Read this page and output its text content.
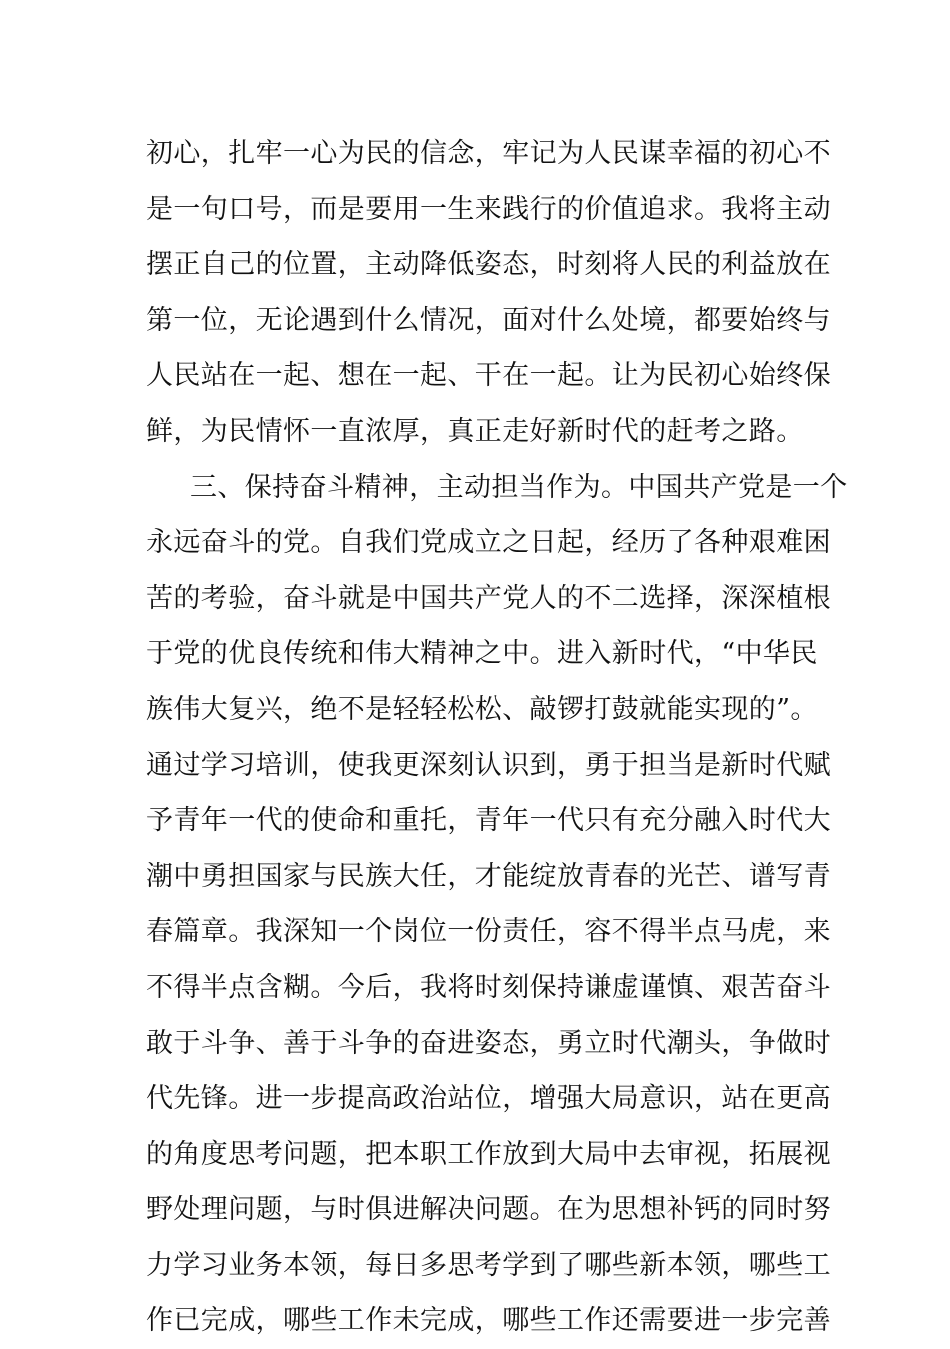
初心，扎牢一心为民的信念，牢记为人民谋幸福的初心不
是一句口号，而是要用一生来践行的价值追求。我将主动
摆正自己的位置，主动降低姿态，时刻将人民的利益放在
第一位，无论遇到什么情况，面对什么处境，都要始终与
人民站在一起、想在一起、干在一起。让为民初心始终保
鲜，为民情怀一直浓厚，真正走好新时代的赶考之路。
三、保持奋斗精神，主动担当作为。中国共产党是一个
永远奋斗的党。自我们党成立之日起，经历了各种艰难困
苦的考验，奋斗就是中国共产党人的不二选择，深深植根
于党的优良传统和伟大精神之中。进入新时代，“中华民
族伟大复兴，绝不是轻轻松松、敲锣打鼓就能实现的”。
通过学习培训，使我更深刻认识到，勇于担当是新时代赋
予青年一代的使命和重托，青年一代只有充分融入时代大
潮中勇担国家与民族大任，才能绽放青春的光芒、谱写青
春篇章。我深知一个岗位一份责任，容不得半点马虎，来
不得半点含糊。今后，我将时刻保持谦虚谨慎、艰苦奋斗
敢于斗争、善于斗争的奋进姿态，勇立时代潮头，争做时
代先锋。进一步提高政治站位，增强大局意识，站在更高
的角度思考问题，把本职工作放到大局中去审视，拓展视
野处理问题，与时俱进解决问题。在为思想补钙的同时努
力学习业务本领，每日多思考学到了哪些新本领，哪些工
作已完成，哪些工作未完成，哪些工作还需要进一步完善
